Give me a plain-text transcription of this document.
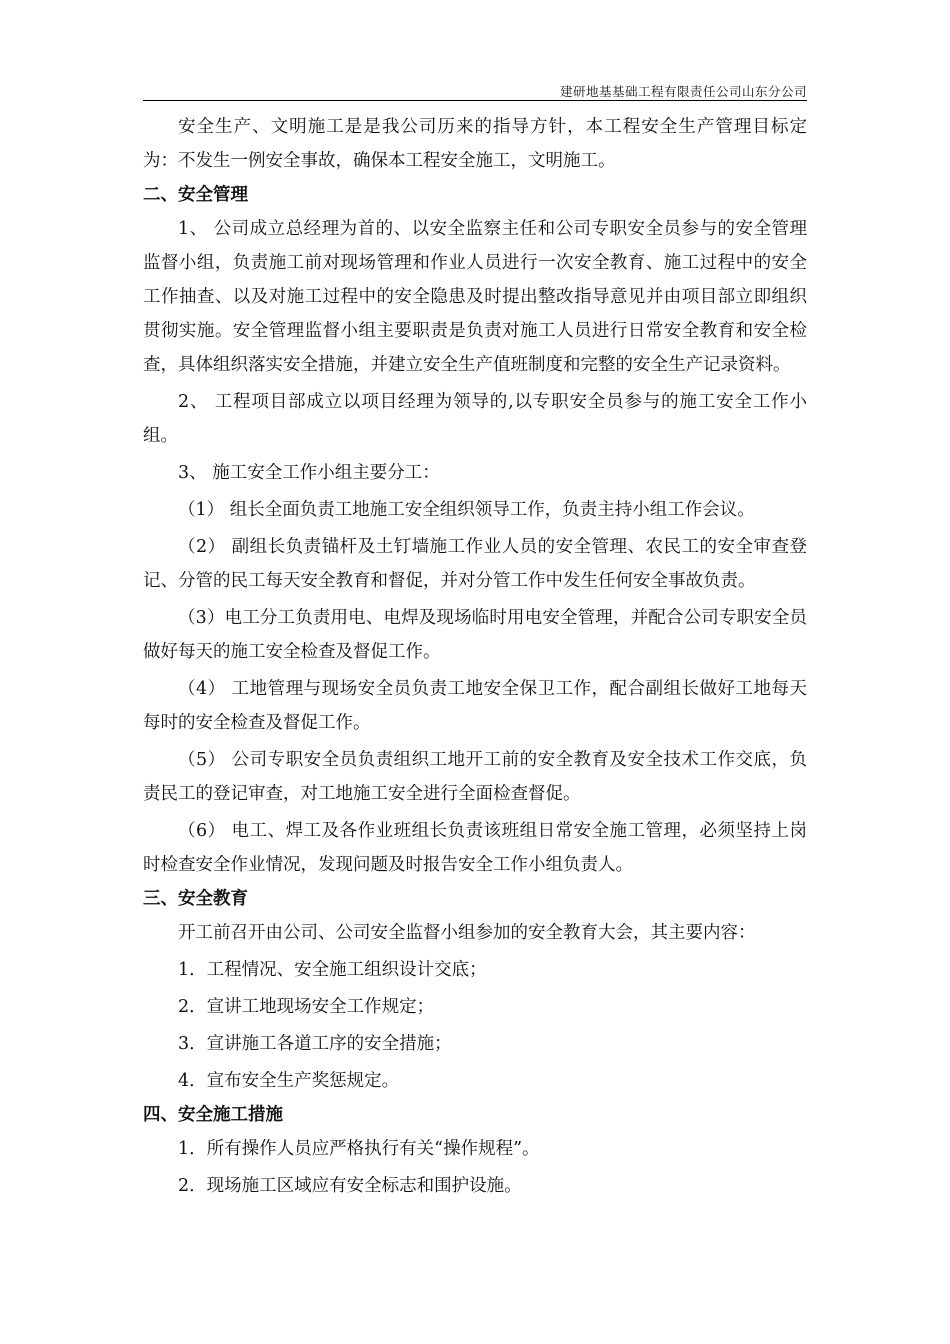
建研地基基础工程有限责任公司山东分公司

安全生产、文明施工是是我公司历来的指导方针，本工程安全生产管理目标定为：不发生一例安全事故，确保本工程安全施工，文明施工。

二、安全管理

1、 公司成立总经理为首的、以安全监察主任和公司专职安全员参与的安全管理监督小组，负责施工前对现场管理和作业人员进行一次安全教育、施工过程中的安全工作抽查、以及对施工过程中的安全隐患及时提出整改指导意见并由项目部立即组织贯彻实施。安全管理监督小组主要职责是负责对施工人员进行日常安全教育和安全检查，具体组织落实安全措施，并建立安全生产值班制度和完整的安全生产记录资料。

2、 工程项目部成立以项目经理为领导的,以专职安全员参与的施工安全工作小组。

3、 施工安全工作小组主要分工：

（1） 组长全面负责工地施工安全组织领导工作，负责主持小组工作会议。

（2） 副组长负责锚杆及土钉墙施工作业人员的安全管理、农民工的安全审查登记、分管的民工每天安全教育和督促，并对分管工作中发生任何安全事故负责。

（3）电工分工负责用电、电焊及现场临时用电安全管理，并配合公司专职安全员做好每天的施工安全检查及督促工作。

（4） 工地管理与现场安全员负责工地安全保卫工作，配合副组长做好工地每天每时的安全检查及督促工作。

（5） 公司专职安全员负责组织工地开工前的安全教育及安全技术工作交底，负责民工的登记审查，对工地施工安全进行全面检查督促。

（6） 电工、焊工及各作业班组长负责该班组日常安全施工管理，必须坚持上岗时检查安全作业情况，发现问题及时报告安全工作小组负责人。

三、安全教育

开工前召开由公司、公司安全监督小组参加的安全教育大会，其主要内容：

1．工程情况、安全施工组织设计交底；

2．宣讲工地现场安全工作规定；

3．宣讲施工各道工序的安全措施；

4．宣布安全生产奖惩规定。

四、安全施工措施

1．所有操作人员应严格执行有关“操作规程”。

2．现场施工区域应有安全标志和围护设施。
